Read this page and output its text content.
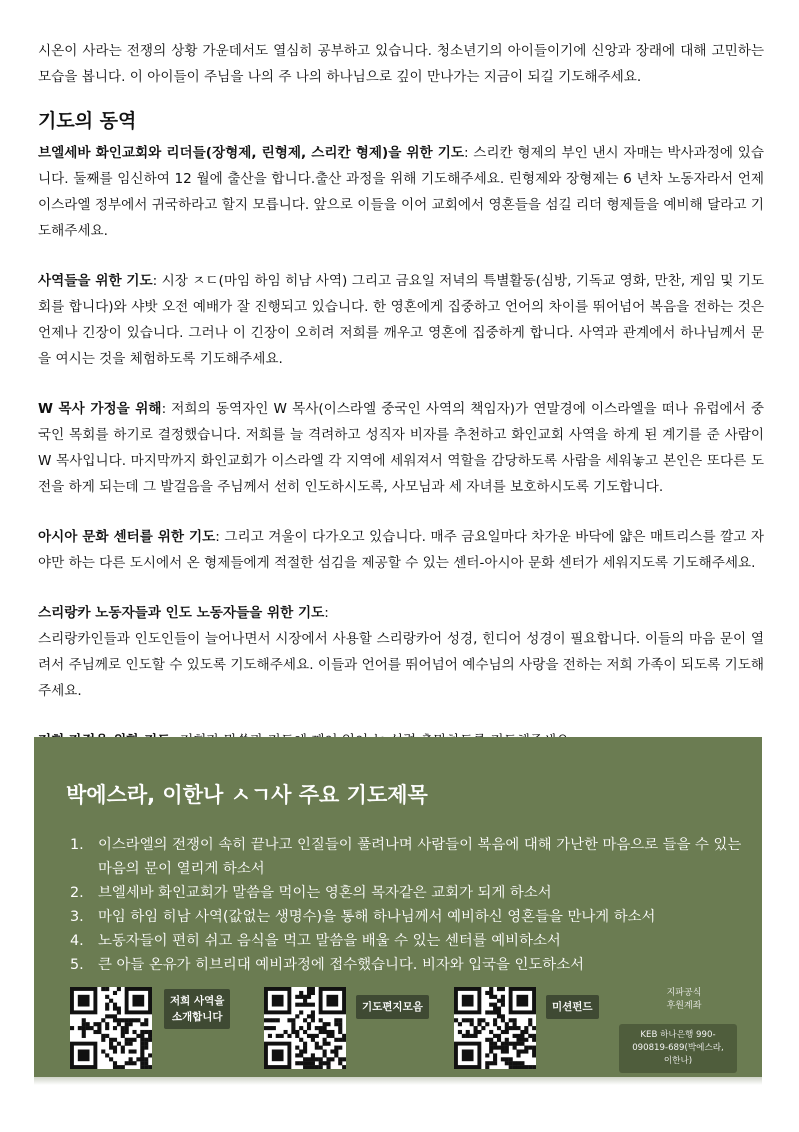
시온이 사라는 전쟁의 상황 가운데서도 열심히 공부하고 있습니다. 청소년기의 아이들이기에 신앙과 장래에 대해 고민하는 모습을 봅니다. 이 아이들이 주님을 나의 주 나의 하나님으로 깊이 만나가는 지금이 되길 기도해주세요.

기도의 동역

브엘세바 화인교회와 리더들(장형제, 린형제, 스리칸 형제)을 위한 기도: 스리칸 형제의 부인 낸시 자매는 박사과정에 있습니다. 둘째를 임신하여 12 월에 출산을 합니다.출산 과정을 위해 기도해주세요. 린형제와 장형제는 6 년차 노동자라서 언제 이스라엘 정부에서 귀국하라고 할지 모릅니다. 앞으로 이들을 이어 교회에서 영혼들을 섬길 리더 형제들을 예비해 달라고 기도해주세요.

사역들을 위한 기도: 시장 ㅈㄷ(마임 하임 히남 사역) 그리고 금요일 저녁의 특별활동(심방, 기독교 영화, 만찬, 게임 및 기도회를 합니다)와 샤밧 오전 예배가 잘 진행되고 있습니다. 한 영혼에게 집중하고 언어의 차이를 뛰어넘어 복음을 전하는 것은 언제나 긴장이 있습니다. 그러나 이 긴장이 오히려 저희를 깨우고 영혼에 집중하게 합니다. 사역과 관계에서 하나님께서 문을 여시는 것을 체험하도록 기도해주세요.

W 목사 가정을 위해: 저희의 동역자인 W 목사(이스라엘 중국인 사역의 책임자)가 연말경에 이스라엘을 떠나 유럽에서 중국인 목회를 하기로 결정했습니다. 저희를 늘 격려하고 성직자 비자를 추천하고 화인교회 사역을 하게 된 계기를 준 사람이 W 목사입니다. 마지막까지 화인교회가 이스라엘 각 지역에 세워져서 역할을 감당하도록 사람을 세워놓고 본인은 또다른 도전을 하게 되는데 그 발걸음을 주님께서 선히 인도하시도록, 사모님과 세 자녀를 보호하시도록 기도합니다.

아시아 문화 센터를 위한 기도: 그리고 겨울이 다가오고 있습니다. 매주 금요일마다 차가운 바닥에 얇은 매트리스를 깔고 자야만 하는 다른 도시에서 온 형제들에게 적절한 섬김을 제공할 수 있는 센터-아시아 문화 센터가 세워지도록 기도해주세요.

스리랑카 노동자들과 인도 노동자들을 위한 기도:
스리랑카인들과 인도인들이 늘어나면서 시장에서 사용할 스리랑카어 성경, 힌디어 성경이 필요합니다. 이들의 마음 문이 열려서 주님께로 인도할 수 있도록 기도해주세요. 이들과 언어를 뛰어넘어 예수님의 사랑을 전하는 저희 가족이 되도록 기도해주세요.

박에스라, 이한나 ㅅㄱ사 주요 기도제목
1. 이스라엘의 전쟁이 속히 끝나고 인질들이 풀려나며 사람들이 복음에 대해 가난한 마음으로 들을 수 있는 마음의 문이 열리게 하소서
2. 브엘세바 화인교회가 말씀을 먹이는 영혼의 목자같은 교회가 되게 하소서
3. 마임 하임 히남 사역(값없는 생명수)을 통해 하나님께서 예비하신 영혼들을 만나게 하소서
4. 노동자들이 편히 쉬고 음식을 먹고 말씀을 배울 수 있는 센터를 예비하소서
5. 큰 아들 온유가 히브리대 예비과정에 접수했습니다. 비자와 입국을 인도하소서
저희 사역을
소개합니다
기도편지모음	미션펀드
지파공식
후원계좌
KEB 하나은행 990-
090819-689(박에스라,
이한나)
